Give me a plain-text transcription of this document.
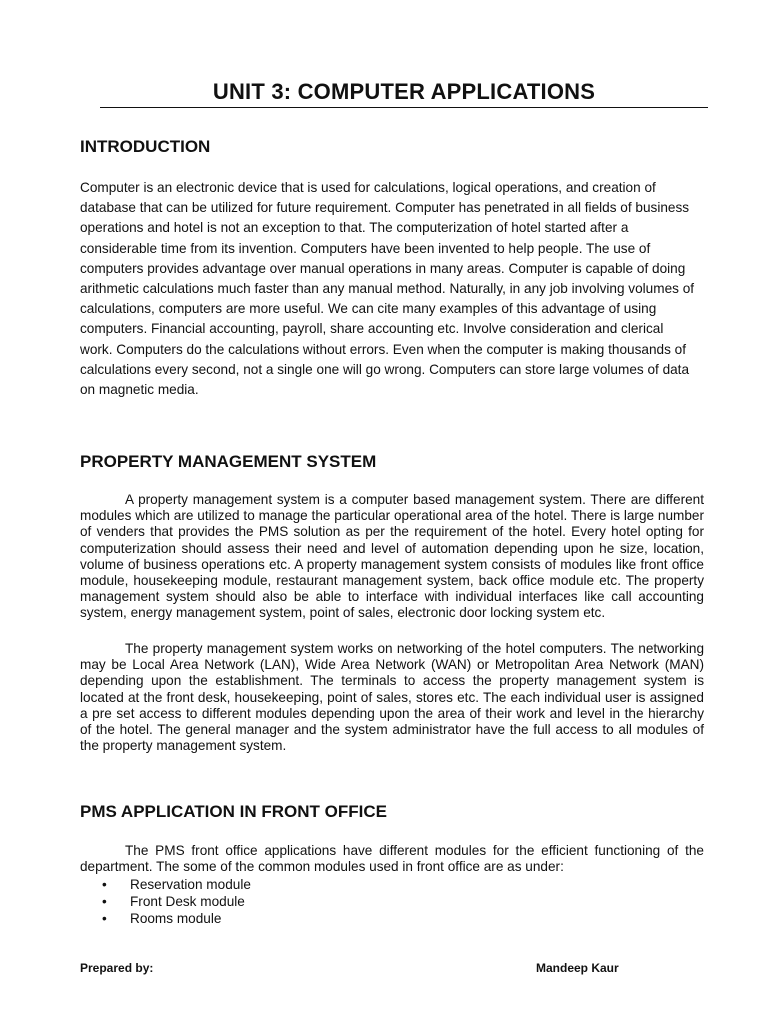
UNIT 3: COMPUTER APPLICATIONS
INTRODUCTION
Computer is an electronic device that is used for calculations, logical operations, and creation of
database that can be utilized for future requirement. Computer has penetrated in all fields of business
operations and hotel is not an exception to that. The computerization of hotel started after a
considerable time from its invention. Computers have been invented to help people. The use of
computers provides advantage over manual operations in many areas. Computer is capable of doing
arithmetic calculations much faster than any manual method. Naturally, in any job involving volumes of
calculations, computers are more useful. We can cite many examples of this advantage of using
computers. Financial accounting, payroll, share accounting etc. Involve consideration and clerical
work. Computers do the calculations without errors. Even when the computer is making thousands of
calculations every second, not a single one will go wrong. Computers can store large volumes of data
on magnetic media.
PROPERTY MANAGEMENT SYSTEM
A property management system is a computer based management system. There are different modules which are utilized to manage the particular operational area of the hotel. There is large number of venders that provides the PMS solution as per the requirement of the hotel. Every hotel opting for computerization should assess their need and level of automation depending upon he size, location, volume of business operations etc. A property management system consists of modules like front office module, housekeeping module, restaurant management system, back office module etc. The property management system should also be able to interface with individual interfaces like call accounting system, energy management system, point of sales, electronic door locking system etc.
The property management system works on networking of the hotel computers. The networking may be Local Area Network (LAN), Wide Area Network (WAN) or Metropolitan Area Network (MAN) depending upon the establishment. The terminals to access the property management system is located at the front desk, housekeeping, point of sales, stores etc. The each individual user is assigned a pre set access to different modules depending upon the area of their work and level in the hierarchy of the hotel. The general manager and the system administrator have the full access to all modules of the property management system.
PMS APPLICATION IN FRONT OFFICE
The PMS front office applications have different modules for the efficient functioning of the department. The some of the common modules used in front office are as under:
• Reservation module
• Front Desk module
• Rooms module
Prepared by:	Mandeep Kaur
